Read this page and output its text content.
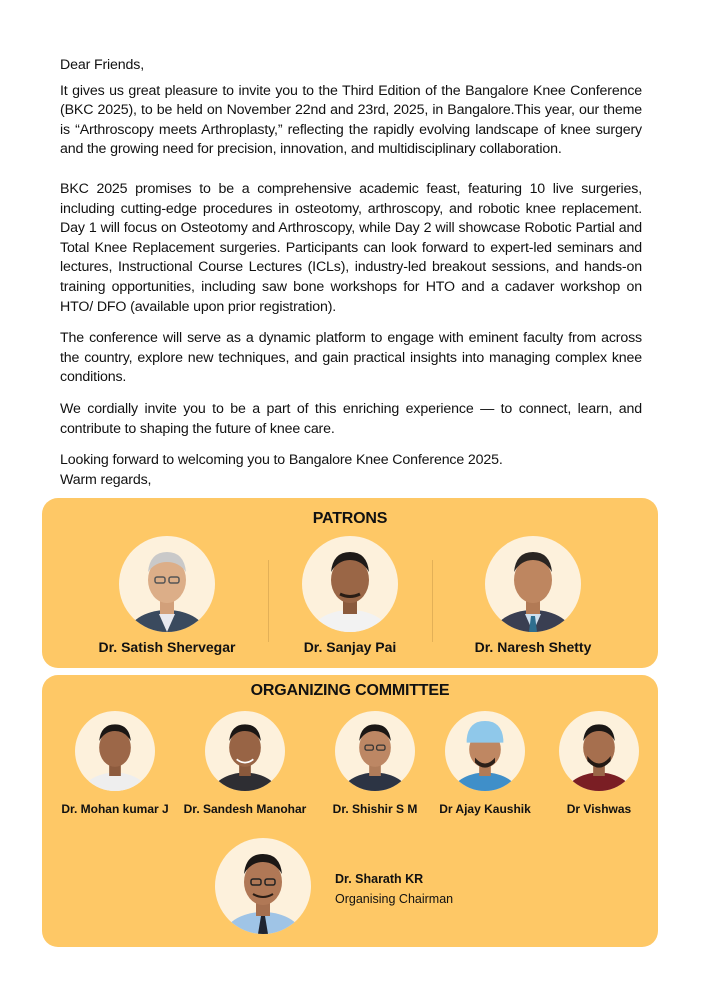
Dear Friends,

It gives us great pleasure to invite you to the Third Edition of the Bangalore Knee Conference (BKC 2025), to be held on November 22nd and 23rd, 2025, in Bangalore.This year, our theme is “Arthroscopy meets Arthroplasty,” reflecting the rapidly evolving landscape of knee surgery and the growing need for precision, innovation, and multidisciplinary collaboration.

BKC 2025 promises to be a comprehensive academic feast, featuring 10 live surgeries, including cutting-edge procedures in osteotomy, arthroscopy, and robotic knee replacement. Day 1 will focus on Osteotomy and Arthroscopy, while Day 2 will showcase Robotic Partial and Total Knee Replacement surgeries. Participants can look forward to expert-led seminars and lectures, Instructional Course Lectures (ICLs), industry-led breakout sessions, and hands-on training opportunities, including saw bone workshops for HTO and a cadaver workshop on HTO/ DFO (available upon prior registration).

The conference will serve as a dynamic platform to engage with eminent faculty from across the country, explore new techniques, and gain practical insights into managing complex knee conditions.

We cordially invite you to be a part of this enriching experience — to connect, learn, and contribute to shaping the future of knee care.

Looking forward to welcoming you to Bangalore Knee Conference 2025.

Warm regards,

PATRONS
Dr. Satish Shervegar	Dr. Sanjay Pai	Dr. Naresh Shetty
ORGANIZING COMMITTEE
Dr. Mohan kumar J	Dr. Sandesh Manohar	Dr. Shishir S M	Dr Ajay Kaushik	Dr Vishwas
Dr. Sharath KR
Organising Chairman
